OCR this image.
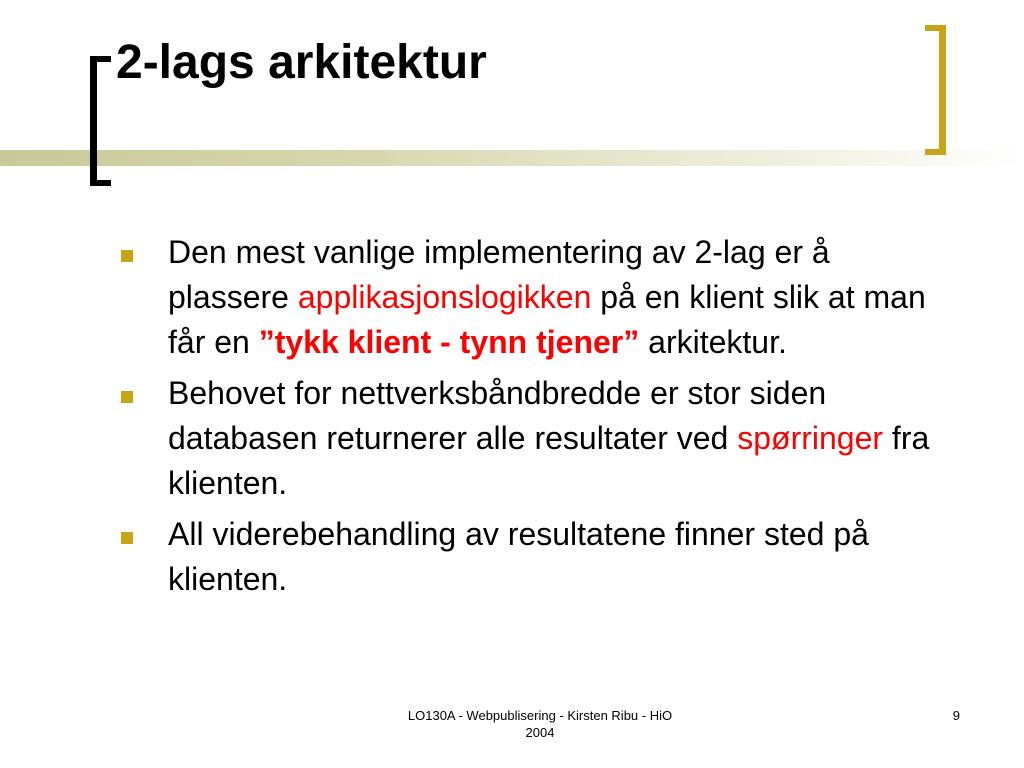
2-lags arkitektur
Den mest vanlige implementering av 2-lag er å plassere applikasjonslogikken på en klient slik at man får en ”tykk klient - tynn tjener” arkitektur.
Behovet for nettverksbåndbredde er stor siden databasen returnerer alle resultater ved spørringer fra klienten.
All viderebehandling av resultatene finner sted på klienten.
LO130A - Webpublisering - Kirsten Ribu - HiO
2004
9
